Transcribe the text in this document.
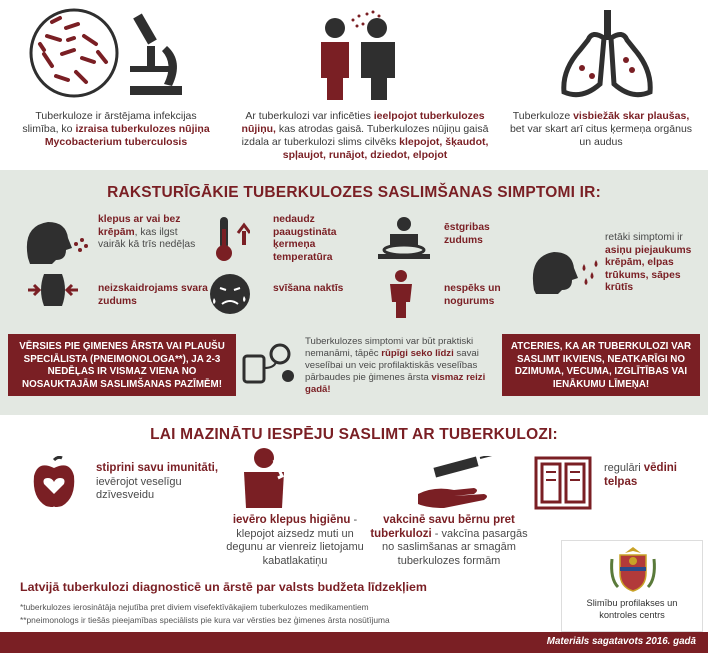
Tuberkuloze ir ārstējama infekcijas slimība, ko izraisa tuberkulozes nūjiņa Mycobacterium tuberculosis
Ar tuberkulozi var inficēties ieelpojot tuberkulozes nūjiņu, kas atrodas gaisā. Tuberkulozes nūjiņu gaisā izdala ar tuberkulozi slims cilvēks klepojot, šķaudot, spļaujot, runājot, dziedot, elpojot
Tuberkuloze visbiežāk skar plaušas, bet var skart arī citus ķermeņa orgānus un audus
RAKSTURĪGĀKIE TUBERKULOZES SASLIMŠANAS SIMPTOMI IR:
klepus ar vai bez krēpām, kas ilgst vairāk kā trīs nedēļas
nedaudz paaugstināta ķermeņa temperatūra
ēstgribas zudums
neizskaidrojams svara zudums
svīšana naktīs	nespēks un nogurums
retāki simptomi ir asiņu piejaukums krēpām, elpas trūkums, sāpes krūtīs
VĒRSIES PIE ĢIMENES ĀRSTA VAI PLAUŠU SPECIĀLISTA (PNEIMONOLOGA**), JA 2-3 NEDĒĻAS IR VISMAZ VIENA NO NOSAUKTAJĀM SASLIMŠANAS PAZĪMĒM!
Tuberkulozes simptomi var būt praktiski nemanāmi, tāpēc rūpīgi seko līdzi savai veselībai un veic profilaktiskās veselības pārbaudes pie ģimenes ārsta vismaz reizi gadā!
ATCERIES, KA AR TUBERKULOZI VAR SASLIMT IKVIENS, NEATKARĪGI NO DZIMUMA, VECUMA, IZGLĪTĪBAS VAI IENĀKUMU LĪMEŅA!
LAI MAZINĀTU IESPĒJU SASLIMT AR TUBERKULOZI:
stiprini savu imunitāti, ievērojot veselīgu dzīvesveidu
ievēro klepus higiēnu - klepojot aizsedz muti un degunu ar vienreiz lietojamu kabatlakatiņu
vakcinē savu bērnu pret tuberkulozi - vakcīna pasargās no saslimšanas ar smagām tuberkulozes formām
regulāri vēdini telpas
Latvijā tuberkulozi diagnosticē un ārstē par valsts budžeta līdzekļiem
*tuberkulozes ierosinātāja nejutība pret diviem visefektīvākajiem tuberkulozes medikamentiem
**pneimonologs ir tiešās pieejamības speciālists pie kura var vērsties bez ģimenes ārsta nosūtījuma
Slimību profilakses un
kontroles centrs
Materiāls sagatavots 2016. gadā
